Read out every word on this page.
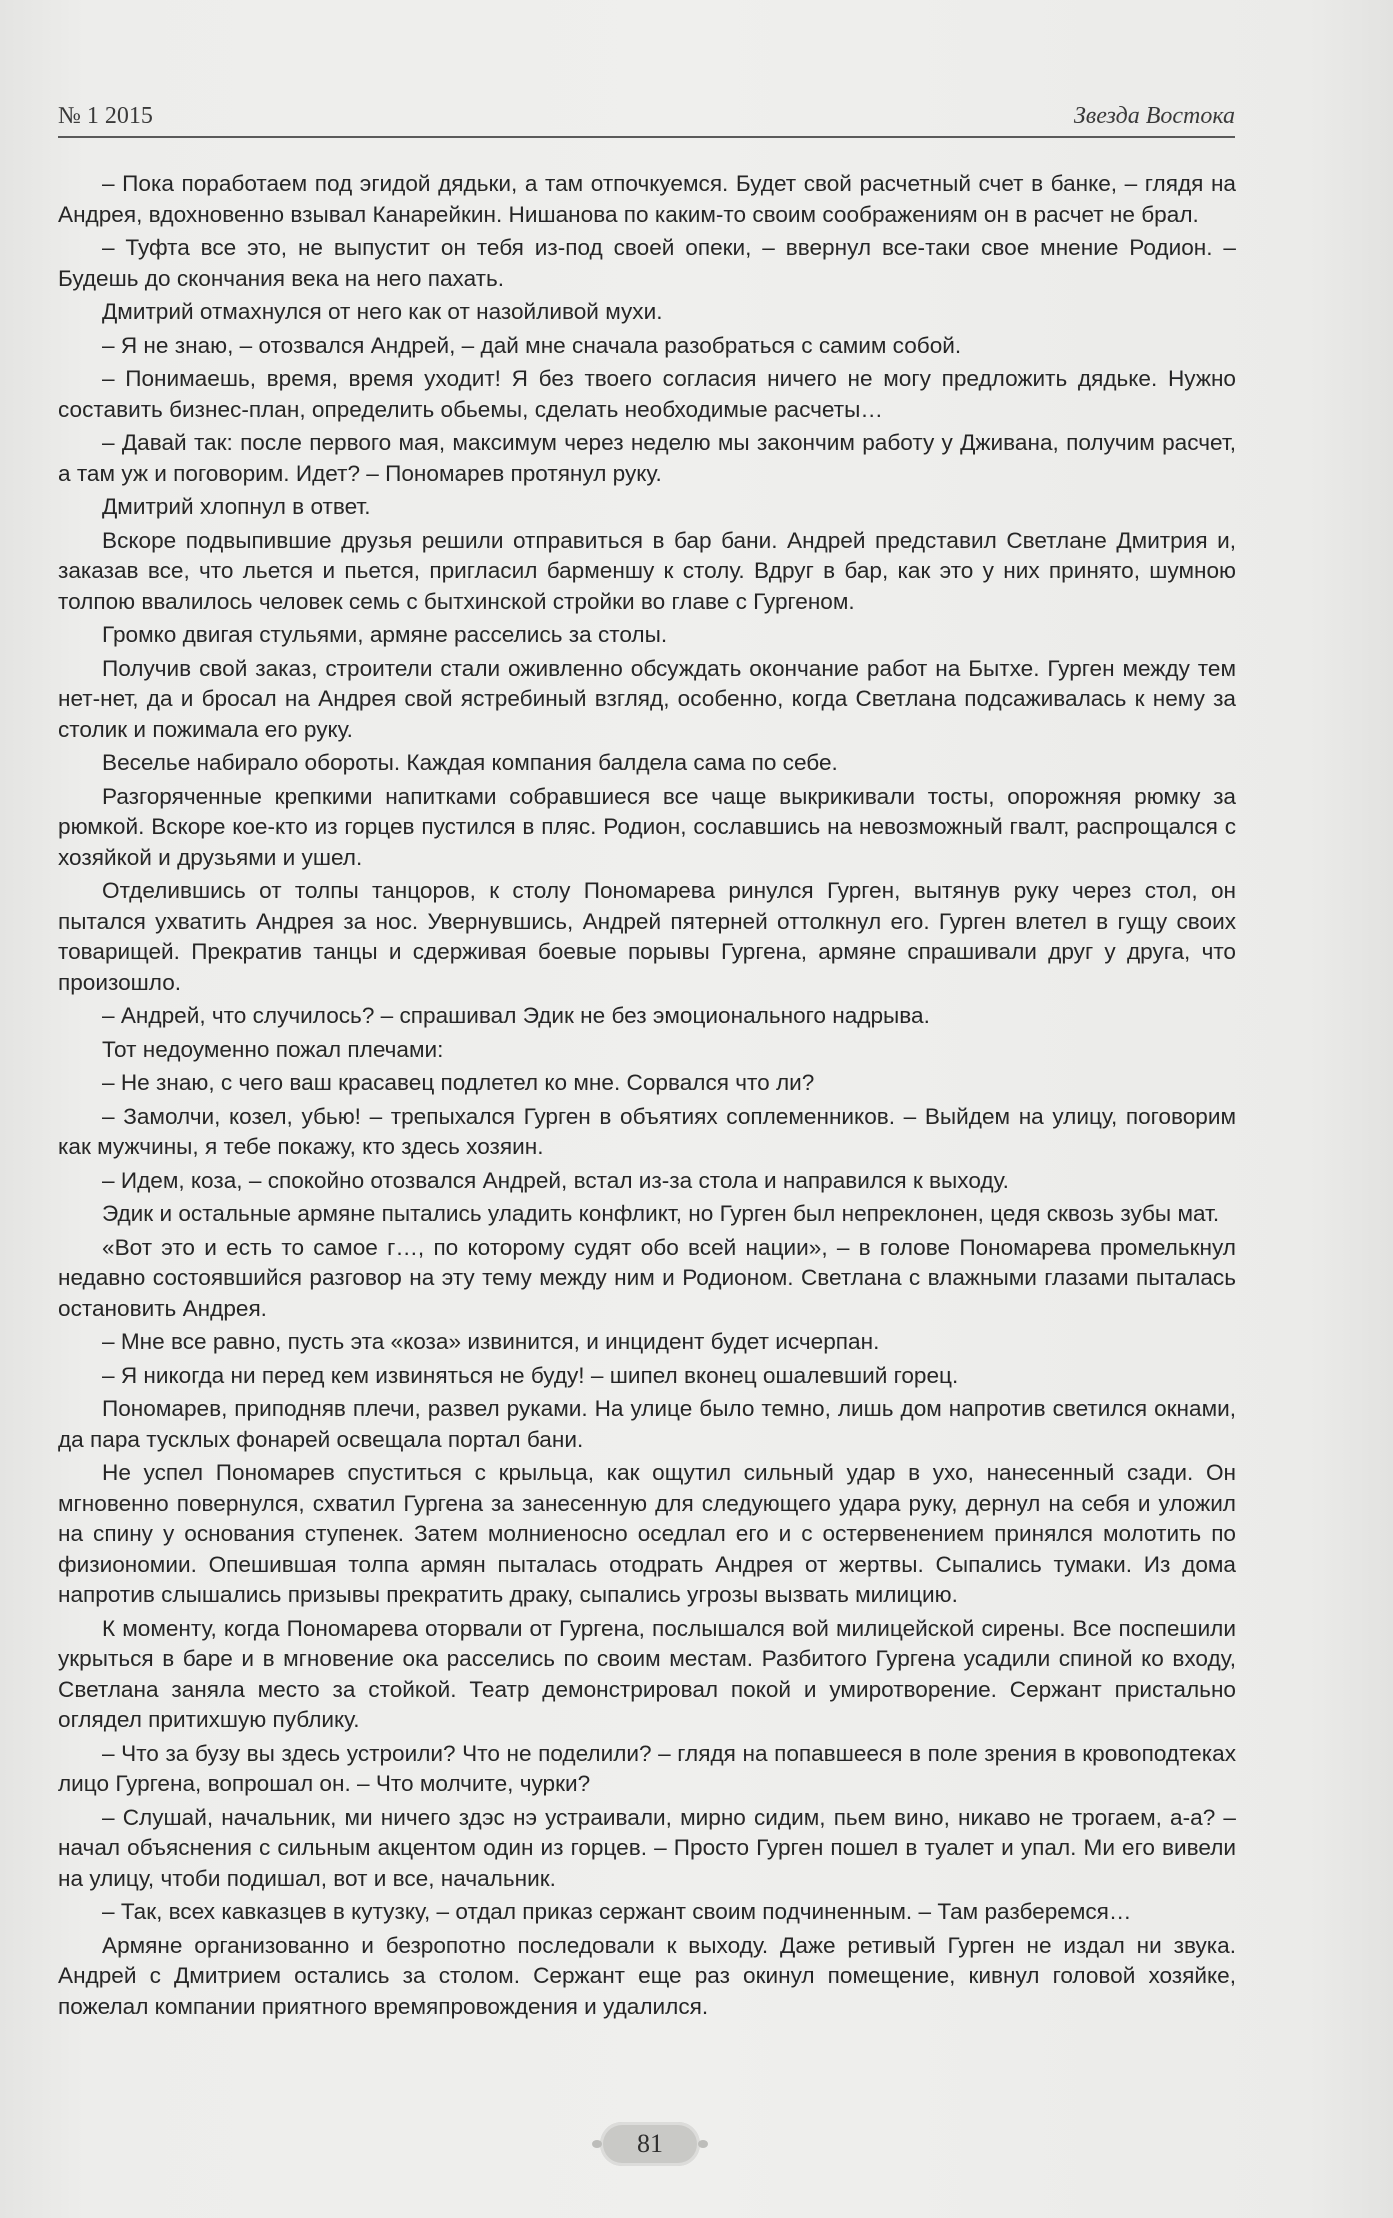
№ 1 2015	Звезда Востока

– Пока поработаем под эгидой дядьки, а там отпочкуемся. Будет свой расчетный счет в банке, – глядя на Андрея, вдохновенно взывал Канарейкин. Нишанова по каким-то своим соображениям он в расчет не брал.

– Туфта все это, не выпустит он тебя из-под своей опеки, – ввернул все-таки свое мнение Родион. – Будешь до скончания века на него пахать.

Дмитрий отмахнулся от него как от назойливой мухи.

– Я не знаю, – отозвался Андрей, – дай мне сначала разобраться с самим собой.

– Понимаешь, время, время уходит! Я без твоего согласия ничего не могу предложить дядьке. Нужно составить бизнес-план, определить обьемы, сделать необходимые расчеты…

– Давай так: после первого мая, максимум через неделю мы закончим работу у Дживана, получим расчет, а там уж и поговорим. Идет? – Пономарев протянул руку.

Дмитрий хлопнул в ответ.

Вскоре подвыпившие друзья решили отправиться в бар бани. Андрей представил Светлане Дмитрия и, заказав все, что льется и пьется, пригласил барменшу к столу. Вдруг в бар, как это у них принято, шумною толпою ввалилось человек семь с бытхинской стройки во главе с Гургеном.

Громко двигая стульями, армяне расселись за столы.

Получив свой заказ, строители стали оживленно обсуждать окончание работ на Бытхе. Гурген между тем нет-нет, да и бросал на Андрея свой ястребиный взгляд, особенно, когда Светлана подсаживалась к нему за столик и пожимала его руку.

Веселье набирало обороты. Каждая компания балдела сама по себе.

Разгоряченные крепкими напитками собравшиеся все чаще выкрикивали тосты, опорожняя рюмку за рюмкой. Вскоре кое-кто из горцев пустился в пляс. Родион, сославшись на невозможный гвалт, распрощался с хозяйкой и друзьями и ушел.

Отделившись от толпы танцоров, к столу Пономарева ринулся Гурген, вытянув руку через стол, он пытался ухватить Андрея за нос. Увернувшись, Андрей пятерней оттолкнул его. Гурген влетел в гущу своих товарищей. Прекратив танцы и сдерживая боевые порывы Гургена, армяне спрашивали друг у друга, что произошло.

– Андрей, что случилось? – спрашивал Эдик не без эмоционального надрыва.

Тот недоуменно пожал плечами:

– Не знаю, с чего ваш красавец подлетел ко мне. Сорвался что ли?

– Замолчи, козел, убью! – трепыхался Гурген в объятиях соплеменников. – Выйдем на улицу, поговорим как мужчины, я тебе покажу, кто здесь хозяин.

– Идем, коза, – спокойно отозвался Андрей, встал из-за стола и направился к выходу.

Эдик и остальные армяне пытались уладить конфликт, но Гурген был непреклонен, цедя сквозь зубы мат.

«Вот это и есть то самое г…, по которому судят обо всей нации», – в голове Пономарева промелькнул недавно состоявшийся разговор на эту тему между ним и Родионом. Светлана с влажными глазами пыталась остановить Андрея.

– Мне все равно, пусть эта «коза» извинится, и инцидент будет исчерпан.

– Я никогда ни перед кем извиняться не буду! – шипел вконец ошалевший горец.

Пономарев, приподняв плечи, развел руками. На улице было темно, лишь дом напротив светился окнами, да пара тусклых фонарей освещала портал бани.

Не успел Пономарев спуститься с крыльца, как ощутил сильный удар в ухо, нанесенный сзади. Он мгновенно повернулся, схватил Гургена за занесенную для следующего удара руку, дернул на себя и уложил на спину у основания ступенек. Затем молниеносно оседлал его и с остервенением принялся молотить по физиономии. Опешившая толпа армян пыталась отодрать Андрея от жертвы. Сыпались тумаки. Из дома напротив слышались призывы прекратить драку, сыпались угрозы вызвать милицию.

К моменту, когда Пономарева оторвали от Гургена, послышался вой милицейской сирены. Все поспешили укрыться в баре и в мгновение ока расселись по своим местам. Разбитого Гургена усадили спиной ко входу, Светлана заняла место за стойкой. Театр демонстрировал покой и умиротворение. Сержант пристально оглядел притихшую публику.

– Что за бузу вы здесь устроили? Что не поделили? – глядя на попавшееся в поле зрения в кровоподтеках лицо Гургена, вопрошал он. – Что молчите, чурки?

– Слушай, начальник, ми ничего здэс нэ устраивали, мирно сидим, пьем вино, никаво не трогаем, а-а? – начал объяснения с сильным акцентом один из горцев. – Просто Гурген пошел в туалет и упал. Ми его вивели на улицу, чтоби подишал, вот и все, начальник.

– Так, всех кавказцев в кутузку, – отдал приказ сержант своим подчиненным. – Там разберемся…

Армяне организованно и безропотно последовали к выходу. Даже ретивый Гурген не издал ни звука. Андрей с Дмитрием остались за столом. Сержант еще раз окинул помещение, кивнул головой хозяйке, пожелал компании приятного времяпровождения и удалился.

81
